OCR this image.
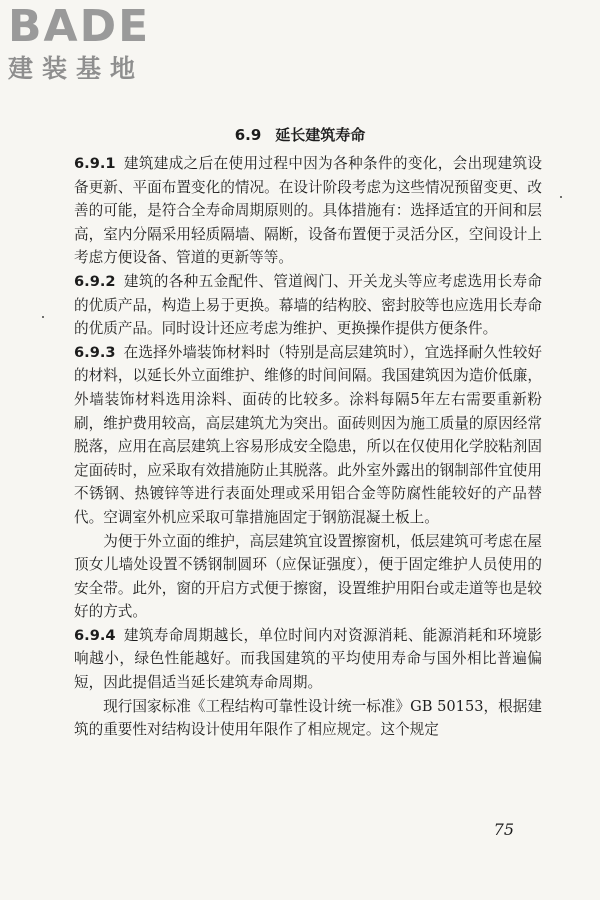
BADE
建装基地
6.9 延长建筑寿命

6.9.1 建筑建成之后在使用过程中因为各种条件的变化，会出现建筑设备更新、平面布置变化的情况。在设计阶段考虑为这些情况预留变更、改善的可能，是符合全寿命周期原则的。具体措施有：选择适宜的开间和层高，室内分隔采用轻质隔墙、隔断，设备布置便于灵活分区，空间设计上考虑方便设备、管道的更新等等。

6.9.2 建筑的各种五金配件、管道阀门、开关龙头等应考虑选用长寿命的优质产品，构造上易于更换。幕墙的结构胶、密封胶等也应选用长寿命的优质产品。同时设计还应考虑为维护、更换操作提供方便条件。

6.9.3 在选择外墙装饰材料时（特别是高层建筑时），宜选择耐久性较好的材料，以延长外立面维护、维修的时间间隔。我国建筑因为造价低廉，外墙装饰材料选用涂料、面砖的比较多。涂料每隔5年左右需要重新粉刷，维护费用较高，高层建筑尤为突出。面砖则因为施工质量的原因经常脱落，应用在高层建筑上容易形成安全隐患，所以在仅使用化学胶粘剂固定面砖时，应采取有效措施防止其脱落。此外室外露出的钢制部件宜使用不锈钢、热镀锌等进行表面处理或采用铝合金等防腐性能较好的产品替代。空调室外机应采取可靠措施固定于钢筋混凝土板上。

为便于外立面的维护，高层建筑宜设置擦窗机，低层建筑可考虑在屋顶女儿墙处设置不锈钢制圆环（应保证强度），便于固定维护人员使用的安全带。此外，窗的开启方式便于擦窗，设置维护用阳台或走道等也是较好的方式。

6.9.4 建筑寿命周期越长，单位时间内对资源消耗、能源消耗和环境影响越小，绿色性能越好。而我国建筑的平均使用寿命与国外相比普遍偏短，因此提倡适当延长建筑寿命周期。

现行国家标准《工程结构可靠性设计统一标准》GB 50153，根据建筑的重要性对结构设计使用年限作了相应规定。这个规定

75
